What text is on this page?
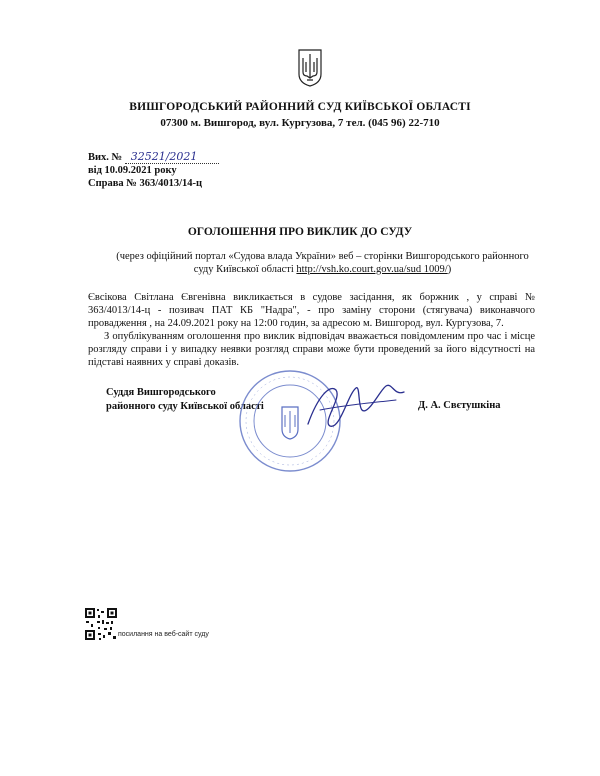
ВИШГОРОДСЬКИЙ РАЙОННИЙ СУД КИЇВСЬКОЇ ОБЛАСТІ
07300 м. Вишгород, вул. Кургузова, 7 тел. (045 96) 22-710
Вих. № 32521/2021
від 10.09.2021 року
Справа № 363/4013/14-ц
ОГОЛОШЕННЯ ПРО ВИКЛИК ДО СУДУ
(через офіційний портал «Судова влада України» веб – сторінки Вишгородського районного суду Київської області http://vsh.ko.court.gov.ua/sud 1009/)

Євсікова Світлана Євгенівна викликається в судове засідання, як боржник , у справі № 363/4013/14-ц - позивач ПАТ КБ "Надра", - про заміну сторони (стягувача) виконавчого провадження , на 24.09.2021 року на 12:00 годин, за адресою м. Вишгород, вул. Кургузова, 7.

З опублікуванням оголошення про виклик відповідач вважається повідомленим про час і місце розгляду справи і у випадку неявки розгляд справи може бути проведений за його відсутності на підставі наявних у справі доказів.

Суддя Вишгородського
районного суду Київської області	Д. А. Свєтушкіна
посилання на веб-сайт суду
